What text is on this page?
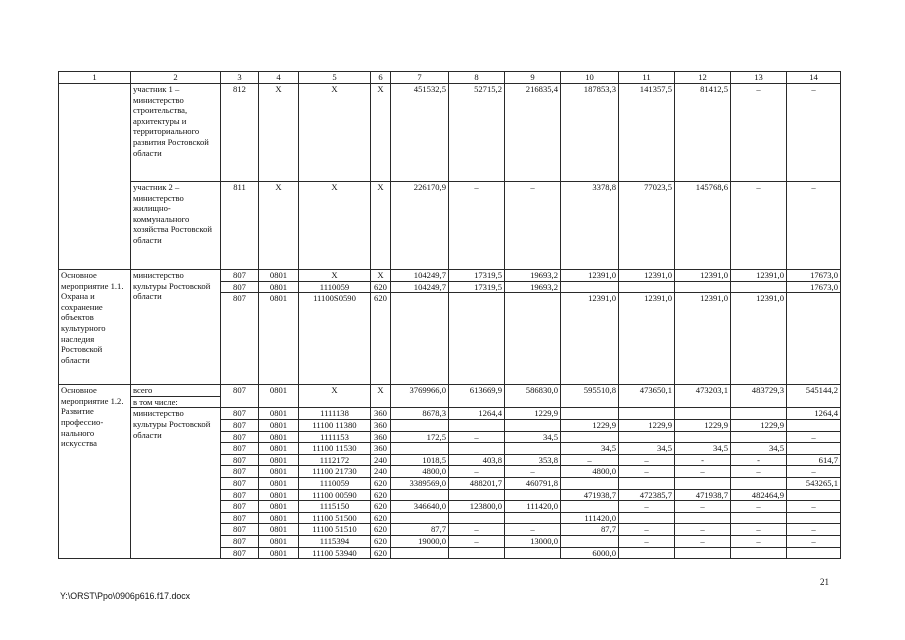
1	2	3	4	5	6	7	8	9	10	11	12	13	14
	участник 1 – министерство строительства, архитектуры и территориального развития Ростовской области	812	Х	Х	Х	451532,5	52715,2	216835,4	187853,3	141357,5	81412,5	–	–
	участник 2 – министерство жилищно-коммунального хозяйства Ростовской области	811	Х	Х	Х	226170,9	–	–	3378,8	77023,5	145768,6	–	–
Основное мероприятие 1.1. Охрана и сохранение объектов культурного наследия Ростовской области	министерство культуры Ростовской области	807	0801	Х	Х	104249,7	17319,5	19693,2	12391,0	12391,0	12391,0	12391,0	17673,0
		807	0801	1110059	620	104249,7	17319,5	19693,2					17673,0
		807	0801	11100S0590	620				12391,0	12391,0	12391,0	12391,0	
Основное мероприятие 1.2. Развитие профессио-нального искусства	всего	807	0801	Х	Х	3769966,0	613669,9	586830,0	595510,8	473650,1	473203,1	483729,3	545144,2
	в том числе:												
	министерство культуры Ростовской области	807	0801	1111138	360	8678,3	1264,4	1229,9					1264,4
		807	0801	11100 11380	360				1229,9	1229,9	1229,9	1229,9	
		807	0801	1111153	360	172,5	–	34,5					–
		807	0801	11100 11530	360				34,5	34,5	34,5	34,5	
		807	0801	1112172	240	1018,5	403,8	353,8	–	–	-	-	614,7
		807	0801	11100 21730	240	4800,0	–	–	4800,0	–	–	–	–
		807	0801	1110059	620	3389569,0	488201,7	460791,8					543265,1
		807	0801	11100 00590	620				471938,7	472385,7	471938,7	482464,9	
		807	0801	1115150	620	346640,0	123800,0	111420,0		–	–	–	–
		807	0801	11100 51500	620				111420,0				
		807	0801	11100 51510	620	87,7	–	–	87,7	–	–	–	–
		807	0801	1115394	620	19000,0	–	13000,0		–	–	–	–
		807	0801	11100 53940	620				6000,0				
21
Y:\ORST\Ppo\0906p616.f17.docx
